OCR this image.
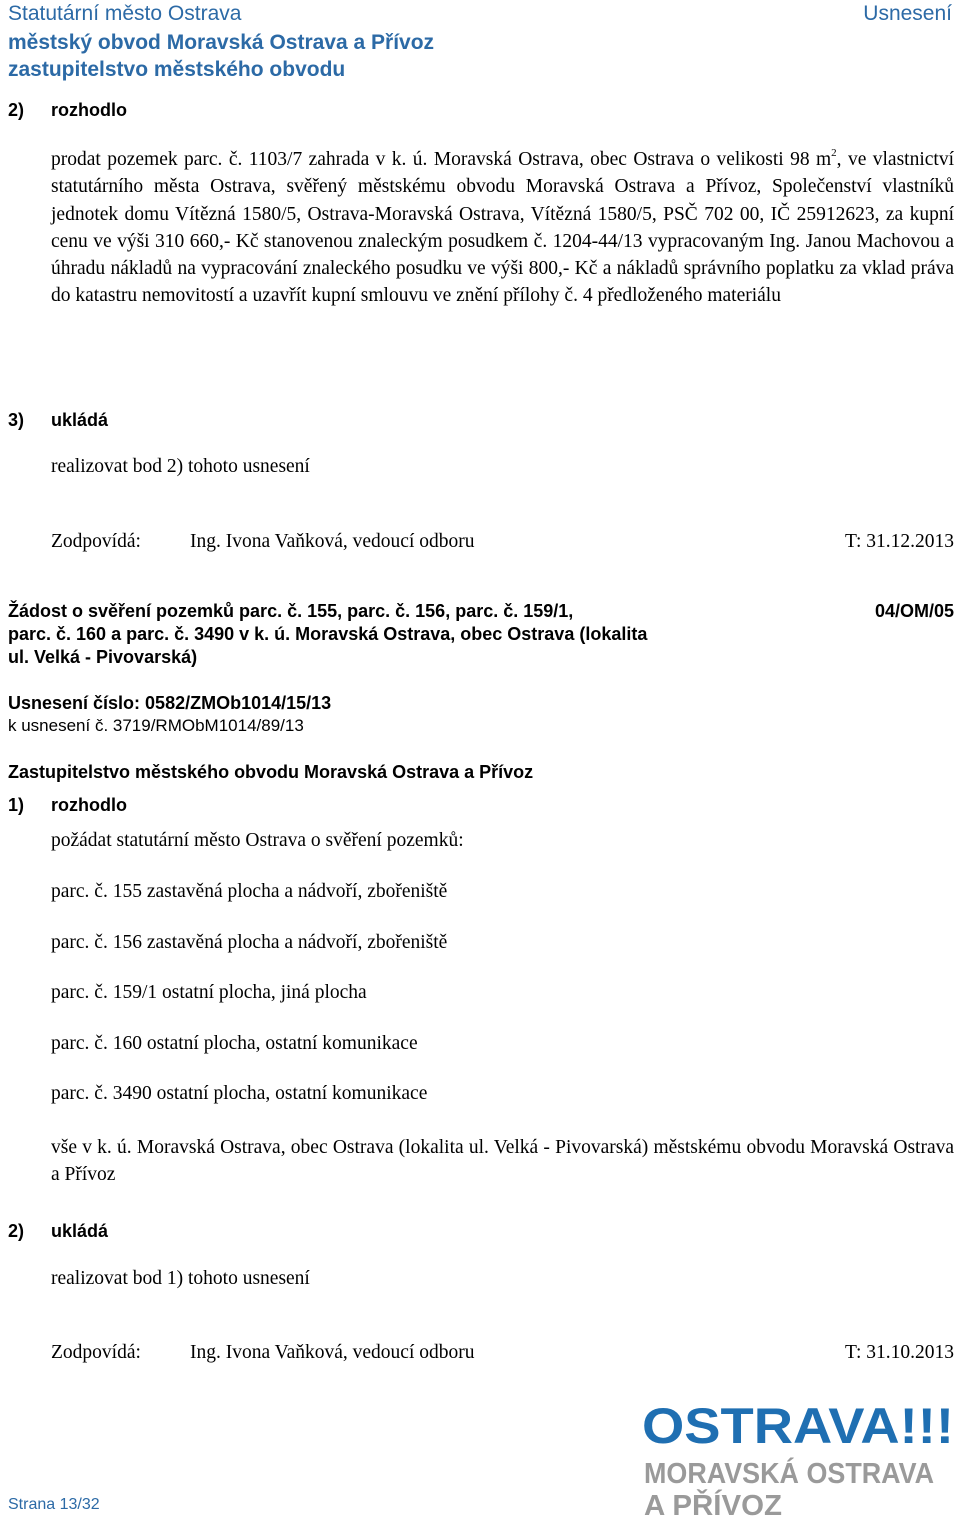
Statutární město Ostrava
městský obvod Moravská Ostrava a Přívoz
zastupitelstvo městského obvodu
Usnesení
2) rozhodlo
prodat pozemek parc. č. 1103/7 zahrada v k. ú. Moravská Ostrava, obec Ostrava o velikosti 98 $m^2$, ve vlastnictví statutárního města Ostrava, svěřený městskému obvodu Moravská Ostrava a Přívoz, Společenství vlastníků jednotek domu Vítězná 1580/5, Ostrava-Moravská Ostrava, Vítězná 1580/5, PSČ 702 00, IČ 25912623, za kupní cenu ve výši 310 660,- Kč stanovenou znaleckým posudkem č. 1204-44/13 vypracovaným Ing. Janou Machovou a úhradu nákladů na vypracování znaleckého posudku ve výši 800,- Kč a nákladů správního poplatku za vklad práva do katastru nemovitostí a uzavřít kupní smlouvu ve znění přílohy č. 4 předloženého materiálu
3) ukládá
realizovat bod 2) tohoto usnesení
Zodpovídá:	Ing. Ivona Vaňková, vedoucí odboru	T: 31.12.2013
Žádost o svěření pozemků parc. č. 155, parc. č. 156, parc. č. 159/1,
parc. č. 160 a parc. č. 3490 v k. ú. Moravská Ostrava, obec Ostrava (lokalita
ul. Velká - Pivovarská)
04/OM/05
Usnesení číslo: 0582/ZMOb1014/15/13
k usnesení č. 3719/RMObM1014/89/13
Zastupitelstvo městského obvodu Moravská Ostrava a Přívoz
1) rozhodlo
požádat statutární město Ostrava o svěření pozemků:
parc. č. 155 zastavěná plocha a nádvoří, zbořeniště
parc. č. 156 zastavěná plocha a nádvoří, zbořeniště
parc. č. 159/1 ostatní plocha, jiná plocha
parc. č. 160 ostatní plocha, ostatní komunikace
parc. č. 3490 ostatní plocha, ostatní komunikace
vše v k. ú. Moravská Ostrava, obec Ostrava (lokalita ul. Velká - Pivovarská) městskému obvodu Moravská Ostrava a Přívoz
2) ukládá
realizovat bod 1) tohoto usnesení
Zodpovídá:	Ing. Ivona Vaňková, vedoucí odboru	T: 31.10.2013
OSTRAVA!!!
MORAVSKÁ OSTRAVA
A PŘÍVOZ
Strana 13/32
